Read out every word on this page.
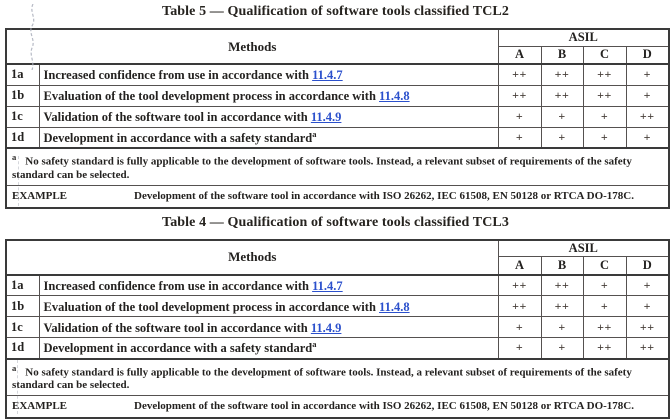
Table 5 — Qualification of software tools classified TCL2
Methods		ASIL			
		A	B	C	D
1a	Increased confidence from use in accordance with 11.4.7	++	++	++	+
1b	Evaluation of the tool development process in accordance with 11.4.8	++	++	++	+
1c	Validation of the software tool in accordance with 11.4.9	+	+	+	++
1d	Development in accordance with a safety standard$^a$	+	+	+	+
$^a$ No safety standard is fully applicable to the development of software tools. Instead, a relevant subset of requirements of the safety standard can be selected.					
EXAMPLE Development of the software tool in accordance with ISO 26262, IEC 61508, EN 50128 or RTCA DO-178C.					
Table 4 — Qualification of software tools classified TCL3
Methods		ASIL			
		A	B	C	D
1a	Increased confidence from use in accordance with 11.4.7	++	++	+	+
1b	Evaluation of the tool development process in accordance with 11.4.8	++	++	+	+
1c	Validation of the software tool in accordance with 11.4.9	+	+	++	++
1d	Development in accordance with a safety standard$^a$	+	+	++	++
$^a$ No safety standard is fully applicable to the development of software tools. Instead, a relevant subset of requirements of the safety standard can be selected.					
EXAMPLE Development of the software tool in accordance with ISO 26262, IEC 61508, EN 50128 or RTCA DO-178C.					
